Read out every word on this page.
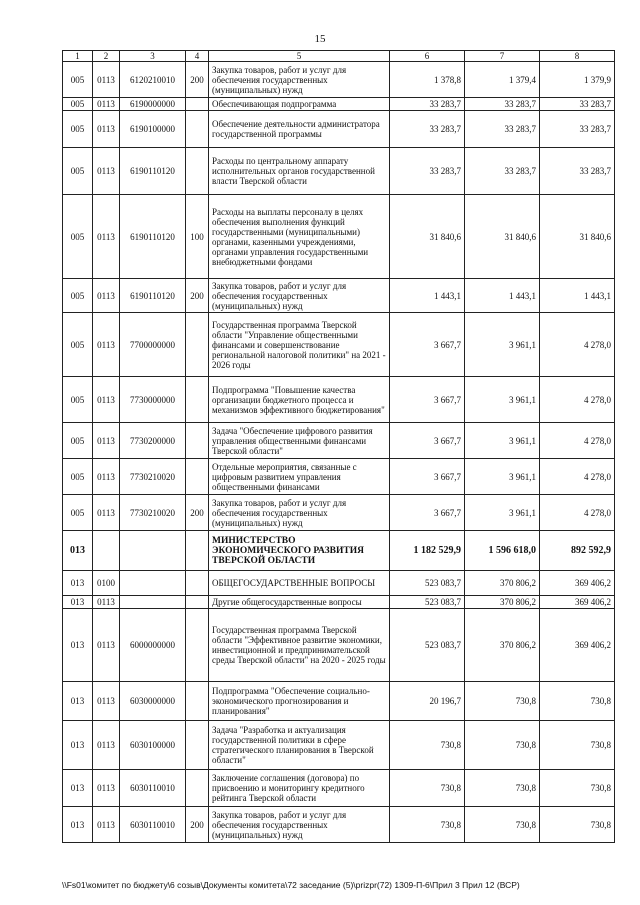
15
1	2	3	4	5	6	7	8
005	0113	6120210010	200	Закупка товаров, работ и услуг для обеспечения государственных (муниципальных) нужд	1 378,8	1 379,4	1 379,9
005	0113	6190000000		Обеспечивающая подпрограмма	33 283,7	33 283,7	33 283,7
005	0113	6190100000		Обеспечение деятельности администратора государственной программы	33 283,7	33 283,7	33 283,7
005	0113	6190110120		Расходы по центральному аппарату исполнительных органов государственной власти Тверской области	33 283,7	33 283,7	33 283,7
005	0113	6190110120	100	Расходы на выплаты персоналу в целях обеспечения выполнения функций государственными (муниципальными) органами, казенными учреждениями, органами управления государственными внебюджетными фондами	31 840,6	31 840,6	31 840,6
005	0113	6190110120	200	Закупка товаров, работ и услуг для обеспечения государственных (муниципальных) нужд	1 443,1	1 443,1	1 443,1
005	0113	7700000000		Государственная программа Тверской области "Управление общественными финансами и совершенствование региональной налоговой политики" на 2021 - 2026 годы	3 667,7	3 961,1	4 278,0
005	0113	7730000000		Подпрограмма "Повышение качества организации бюджетного процесса и механизмов эффективного бюджетирования"	3 667,7	3 961,1	4 278,0
005	0113	7730200000		Задача "Обеспечение цифрового развития управления общественными финансами Тверской области"	3 667,7	3 961,1	4 278,0
005	0113	7730210020		Отдельные мероприятия, связанные с цифровым развитием управления общественными финансами	3 667,7	3 961,1	4 278,0
005	0113	7730210020	200	Закупка товаров, работ и услуг для обеспечения государственных (муниципальных) нужд	3 667,7	3 961,1	4 278,0
013				МИНИСТЕРСТВО ЭКОНОМИЧЕСКОГО РАЗВИТИЯ ТВЕРСКОЙ ОБЛАСТИ	1 182 529,9	1 596 618,0	892 592,9
013	0100			ОБЩЕГОСУДАРСТВЕННЫЕ ВОПРОСЫ	523 083,7	370 806,2	369 406,2
013	0113			Другие общегосударственные вопросы	523 083,7	370 806,2	369 406,2
013	0113	6000000000		Государственная программа Тверской области "Эффективное развитие экономики, инвестиционной и предпринимательской среды Тверской области" на 2020 - 2025 годы	523 083,7	370 806,2	369 406,2
013	0113	6030000000		Подпрограмма "Обеспечение социально-экономического прогнозирования и планирования"	20 196,7	730,8	730,8
013	0113	6030100000		Задача "Разработка и актуализация государственной политики в сфере стратегического планирования в Тверской области"	730,8	730,8	730,8
013	0113	6030110010		Заключение соглашения (договора) по присвоению и мониторингу кредитного рейтинга Тверской области	730,8	730,8	730,8
013	0113	6030110010	200	Закупка товаров, работ и услуг для обеспечения государственных (муниципальных) нужд	730,8	730,8	730,8
\\Fs01\комитет по бюджету\6 созыв\Документы комитета\72 заседание (5)\prizpr(72) 1309-П-6\Прил 3 Прил 12 (ВСР)
